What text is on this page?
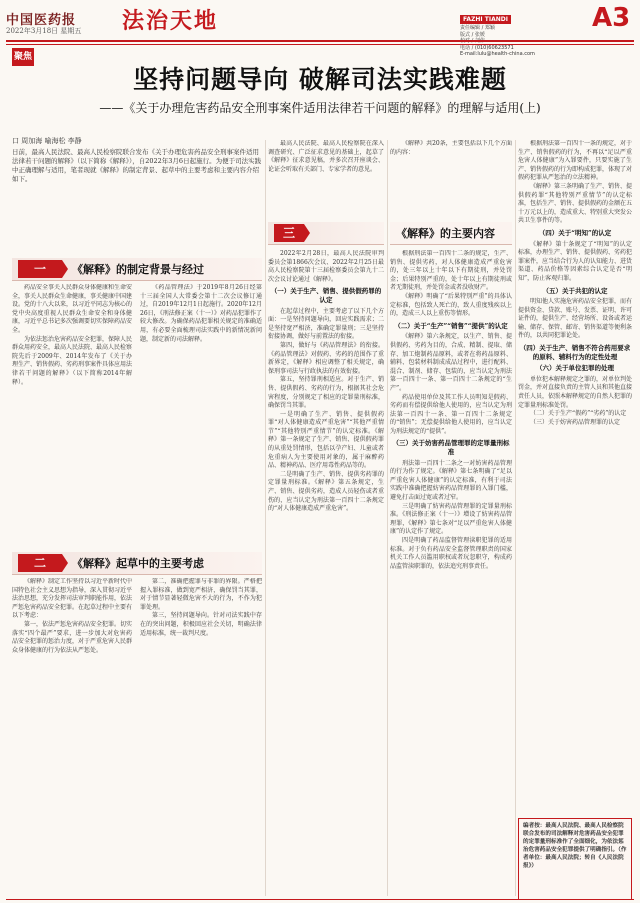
中国医药报
2022年3月18日 星期五 法治天地	FAZHI TIANDI
责任编辑 / 郑颖
版式 / 张媛
电话 / (010)60623571
E-mail:lulu@health-china.com
A3
聚焦
坚持问题导向 破解司法实践难题
——《关于办理危害药品安全刑事案件适用法律若干问题的解释》的理解与适用(上)
口 周加海 喻海松 李静
日前，最高人民法院、最高人民检察院联合发布《关于办理危害药品安全刑事案件适用法律若干问题的解释》（以下简称《解释》），自2022年3月6日起施行。为便于司法实践中正确理解与适用，笔者现就《解释》的制定背景、起草中的主要考虑和主要内容介绍如下。
一	《解释》的制定背景与经过

药品安全事关人民群众身体健康和生命安全，事关人民群众生命健康，事关健康中国建设。党的十八大以来，以习近平同志为核心的党中央高度重视人民群众生命安全和身体健康，习近平总书记多次强调要切实保障药品安全。

为依法惩治危害药品安全犯罪，保障人民群众用药安全，最高人民法院、最高人民检察院先后于2009年、2014年发布了《关于办理生产、销售假药、劣药刑事案件具体应用法律若干问题的解释》（以下简称2014年解释）。

《药品管理法》于2019年8月26日经第十三届全国人大常委会第十二次会议修订通过，自2019年12月1日起施行。2020年12月26日，《刑法修正案（十一）》对药品犯罪作了较大修改。为确保药品犯罪相关规定的准确适用，有必要全面梳理司法实践中的新情况新问题，制定新的司法解释。

二	《解释》起草中的主要考虑

《解释》制定工作坚持以习近平新时代中国特色社会主义思想为指导，深入贯彻习近平法治思想，充分发挥司法审判职能作用，依法严惩危害药品安全犯罪。在起草过程中主要有以下考虑：

第一，依法严惩危害药品安全犯罪。切实落实“四个最严”要求，进一步加大对危害药品安全犯罪的惩治力度，对于严重危害人民群众身体健康的行为依法从严惩处。

第二，准确把握罪与非罪的界限。严格把握入罪标准，做到宽严相济，确保罚当其罪，对于情节显著轻微危害不大的行为，不作为犯罪处理。

第三，坚持问题导向。针对司法实践中存在的突出问题，积极回应社会关切，明确法律适用标准，统一裁判尺度。

三	《解释》的主要内容

最高人民法院、最高人民检察院在深入调查研究、广泛征求意见的基础上，起草了《解释》征求意见稿，并多次召开座谈会、论证会听取有关部门、专家学者的意见。

2022年2月28日，最高人民法院审判委员会第1866次会议、2022年2月25日最高人民检察院第十三届检察委员会第九十二次会议讨论通过《解释》。

（一）关于生产、销售、提供假药罪的认定

在起草过程中，主要考虑了以下几个方面：一是坚持问题导向，回应实践需求；二是坚持宽严相济，准确定罪量刑；三是坚持衔接协调，做好与前置法的衔接。

第四，做好与《药品管理法》的衔接。《药品管理法》对假药、劣药的范围作了重新界定，《解释》相应调整了相关规定，确保刑事司法与行政执法的有效衔接。

第五，坚持罪刑相适应。对于生产、销售、提供假药、劣药的行为，根据其社会危害程度，分别规定了相应的定罪量刑标准，确保罚当其罪。

一是明确了生产、销售、提供假药罪“对人体健康造成严重危害”“其他严重情节”“其他特别严重情节”的认定标准。《解释》第一条规定了生产、销售、提供假药罪的从重处罚情形，包括以孕产妇、儿童或者危重病人为主要使用对象的，属于麻醉药品、精神药品、医疗用毒性药品等的。

二是明确了生产、销售、提供劣药罪的定罪量刑标准。《解释》第五条规定，生产、销售、提供劣药，造成人员轻伤或者重伤的，应当认定为刑法第一百四十二条规定的“对人体健康造成严重危害”。

《解释》共20条，主要包括以下几个方面的内容：

根据刑法第一百四十二条的规定，生产、销售、提供劣药，对人体健康造成严重危害的，处三年以上十年以下有期徒刑，并处罚金；后果特别严重的，处十年以上有期徒刑或者无期徒刑，并处罚金或者没收财产。

《解释》明确了“后果特别严重”的具体认定标准，包括致人死亡的，致人重度残疾以上的，造成三人以上重伤等情形。

（二）关于“生产”“销售”“提供”的认定

《解释》第六条规定，以生产、销售、提供假药、劣药为目的，合成、精制、提取、储存、加工炮制药品原料，或者在将药品原料、辅料、包装材料制成成品过程中，进行配料、混合、制剂、储存、包装的，应当认定为刑法第一百四十一条、第一百四十二条规定的“生产”。

药品使用单位及其工作人员明知是假药、劣药而有偿提供给他人使用的，应当认定为刑法第一百四十一条、第一百四十二条规定的“销售”；无偿提供给他人使用的，应当认定为刑法规定的“提供”。

（三）关于妨害药品管理罪的定罪量刑标准

刑法第一百四十二条之一对妨害药品管理的行为作了规定。《解释》第七条明确了“足以严重危害人体健康”的认定标准，有利于司法实践中准确把握妨害药品管理罪的入罪门槛，避免打击面过宽或者过窄。

三是明确了妨害药品管理罪的定罪量刑标准。《刑法修正案（十一）》增设了妨害药品管理罪，《解释》第七条对“足以严重危害人体健康”的认定作了规定。

四是明确了药品监督管理渎职犯罪的适用标准。对于负有药品安全监督管理职责的国家机关工作人员滥用职权或者玩忽职守，构成药品监管渎职罪的，依法追究刑事责任。

根据刑法第一百四十一条的规定，对于生产、销售假药的行为，不再以“足以严重危害人体健康”为入罪要件，只要实施了生产、销售假药的行为即构成犯罪，体现了对假药犯罪从严惩治的立法精神。

《解释》第三条明确了生产、销售、提供假药罪“其他特别严重情节”的认定标准，包括生产、销售、提供假药的金额在五十万元以上的，造成重大、特别重大突发公共卫生事件的等。

（四）关于“明知”的认定

《解释》第十条规定了“明知”的认定标准，办理生产、销售、提供假药、劣药犯罪案件，应当结合行为人的认知能力、进货渠道、药品价格等因素综合认定是否“明知”，防止客观归罪。

（五）关于共犯的认定

明知他人实施危害药品安全犯罪，而有提供资金、贷款、账号、发票、证明、许可证件的，提供生产、经营场所、设备或者运输、储存、保管、邮寄、销售渠道等便利条件的，以共同犯罪论处。

（四）关于生产、销售不符合药用要求的原料、辅料行为的定性处理
（六）关于单位犯罪的处理

单位犯本解释规定之罪的，对单位判处罚金，并对直接负责的主管人员和其他直接责任人员，依照本解释规定的自然人犯罪的定罪量刑标准处罚。

（二）关于生产“假药”“劣药”的认定

（三）关于妨害药品管理罪的认定

编者按：最高人民法院、最高人民检察院联合发布的司法解释对危害药品安全犯罪的定罪量刑标准作了全面细化，为依法惩治危害药品安全犯罪提供了明确指引。（作者单位：最高人民法院；转自《人民法院报》）
